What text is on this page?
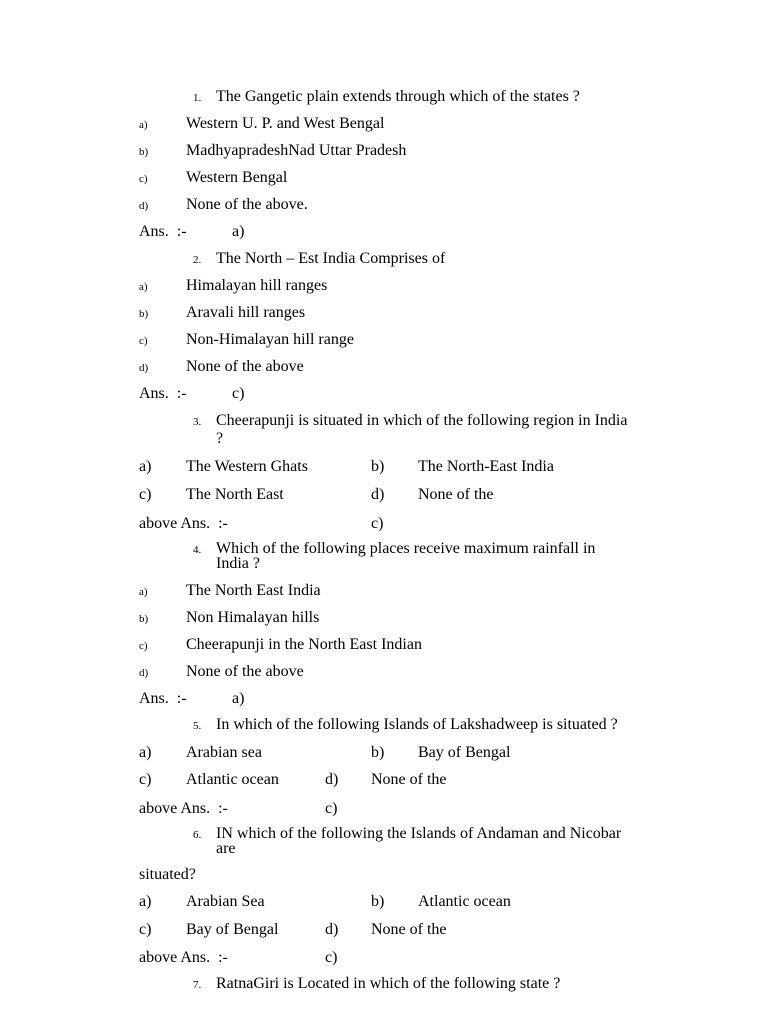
1. The Gangetic plain extends through which of the states ?
a) Western U. P. and West Bengal
b) MadhyapradeshNad Uttar Pradesh
c) Western Bengal
d) None of the above.
Ans.  :-	a)
2. The North – Est India Comprises of
a) Himalayan hill ranges
b) Aravali hill ranges
c) Non-Himalayan hill range
d) None of the above
Ans.  :-	c)
3. Cheerapunji is situated in which of the following region in India
?
a) The Western Ghats	b) The North-East India
c) The North East	d) None of the
above Ans.  :-	c)
4. Which of the following places receive maximum rainfall in
India ?
a) The North East India
b) Non Himalayan hills
c) Cheerapunji in the North East Indian
d) None of the above
Ans.  :-	a)
5. In which of the following Islands of Lakshadweep is situated ?
a) Arabian sea	b) Bay of Bengal
c) Atlantic ocean	d) None of the
above Ans.  :-	c)
6. IN which of the following the Islands of Andaman and Nicobar
are
situated?
a) Arabian Sea	b) Atlantic ocean
c) Bay of Bengal	d) None of the
above Ans.  :-	c)
7. RatnaGiri is Located in which of the following state ?
